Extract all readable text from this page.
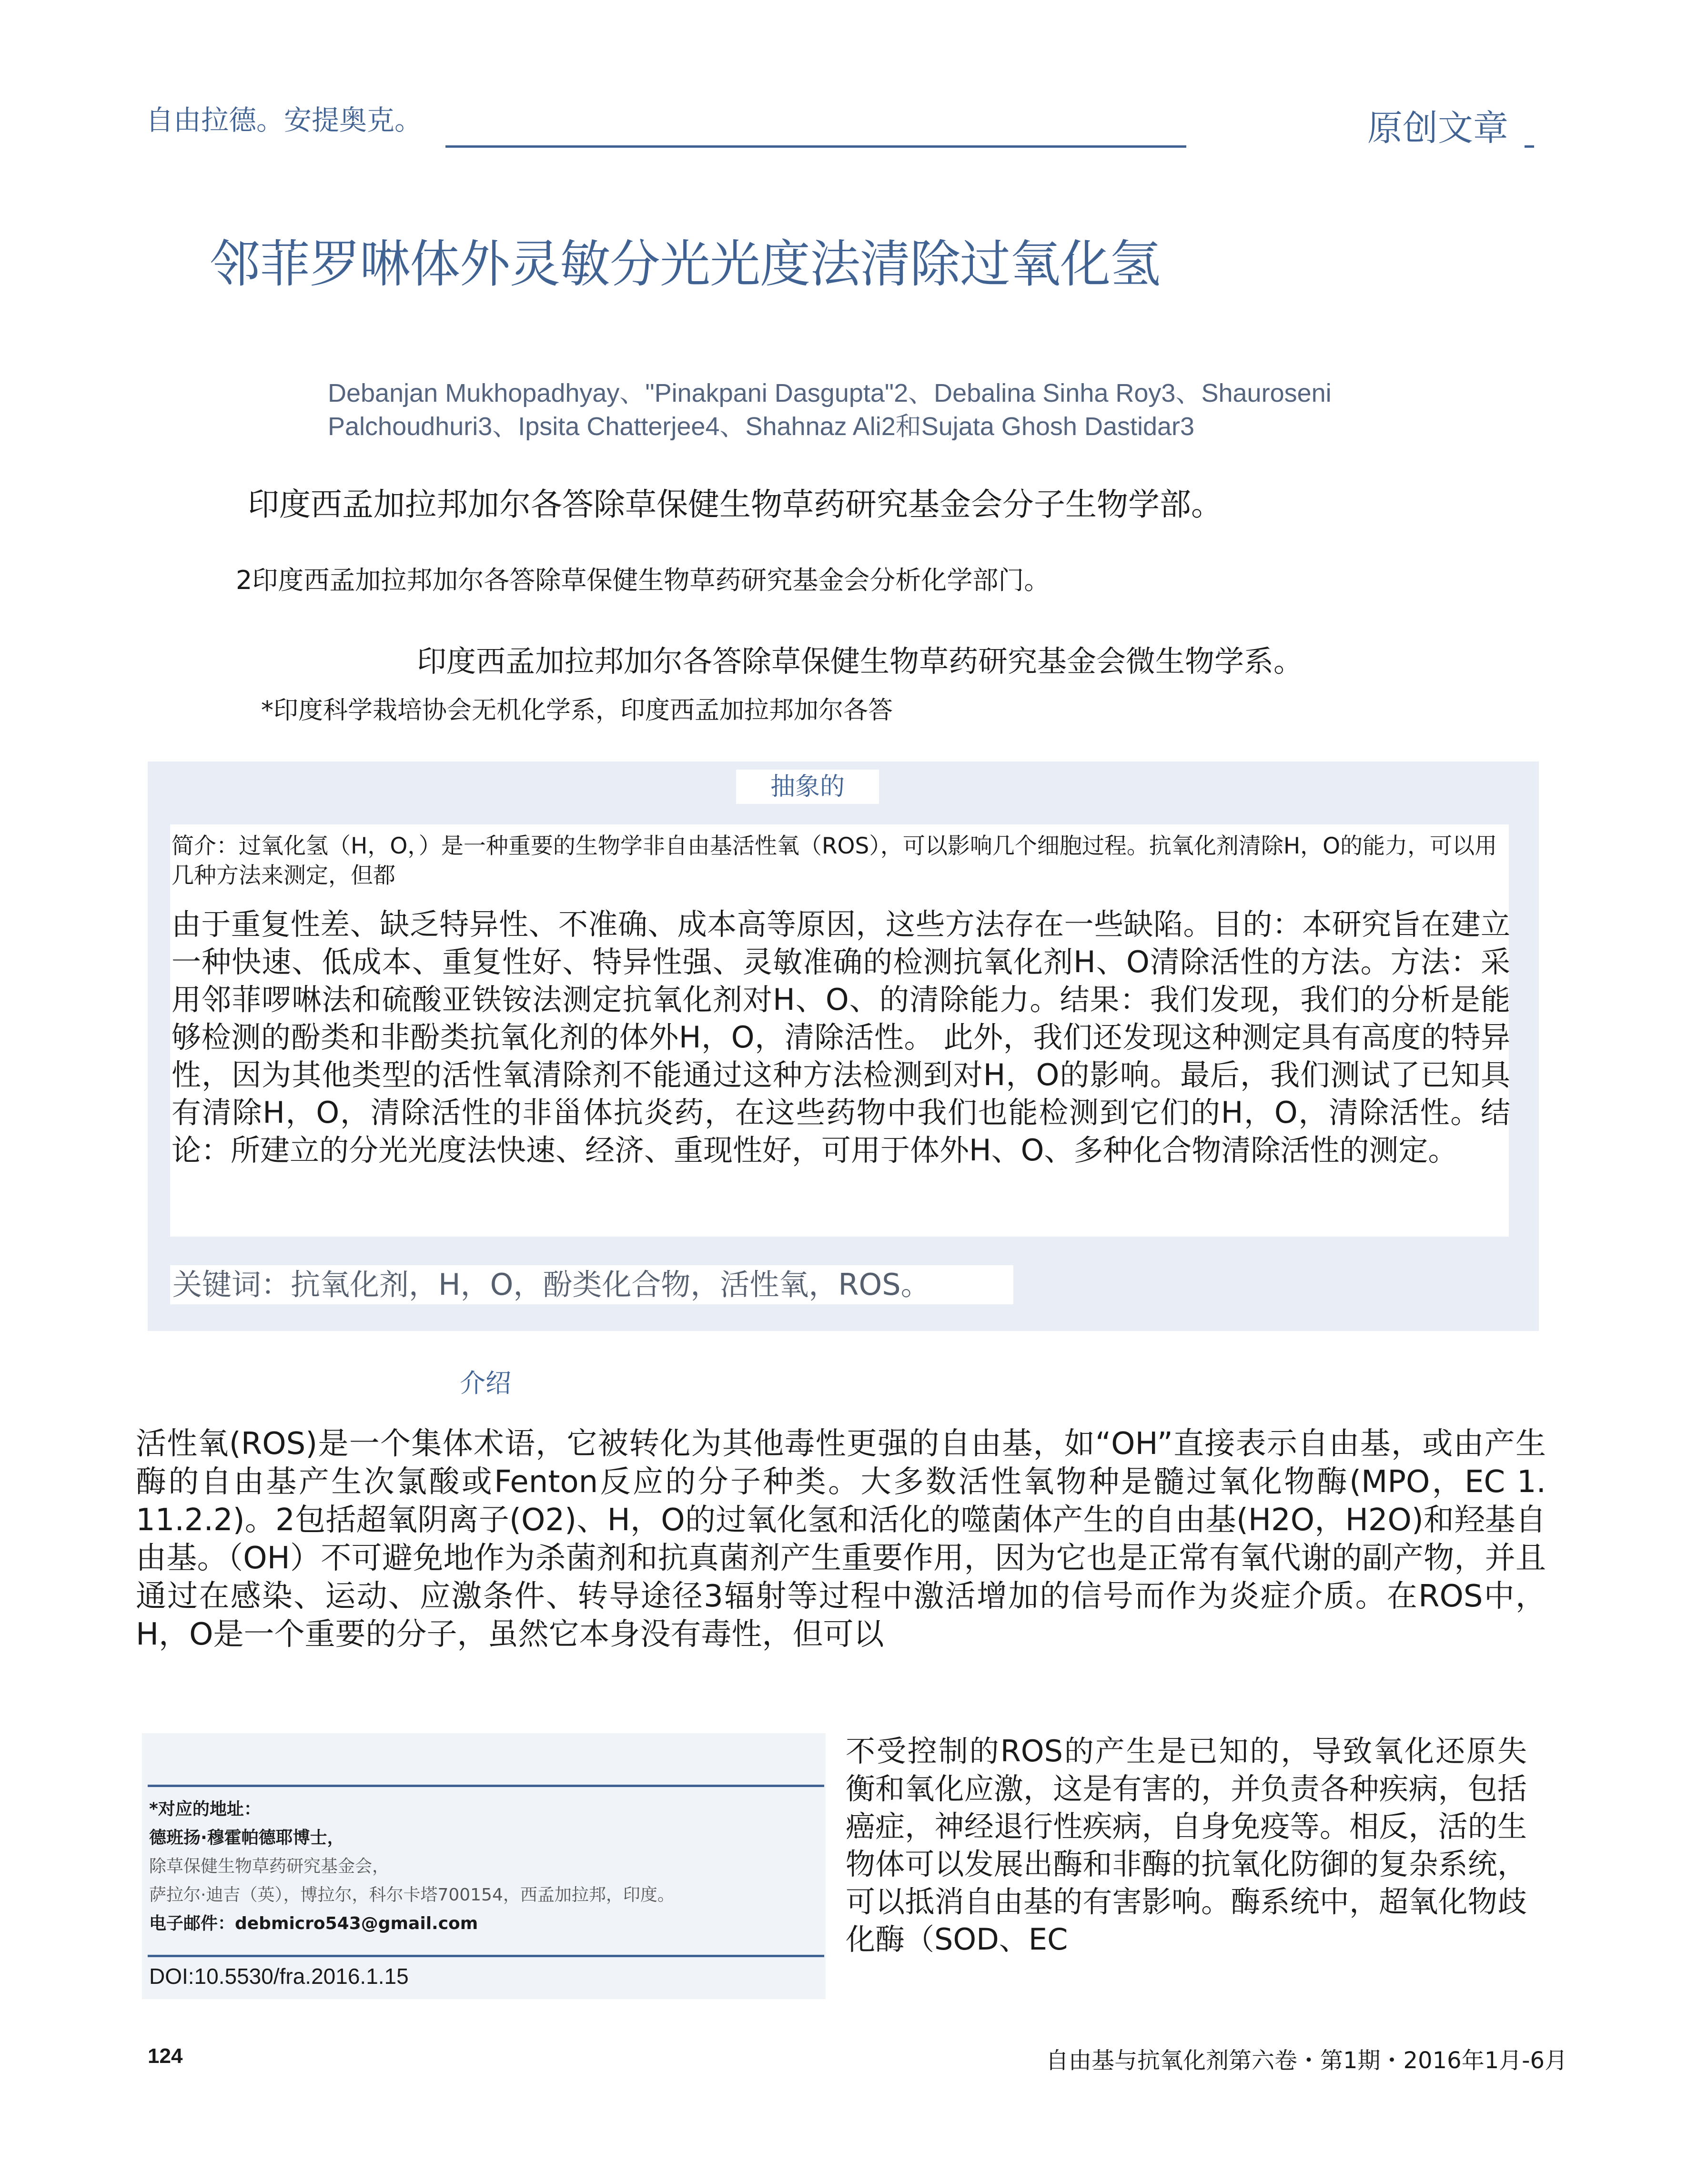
自由拉德。安提奥克。	原创文章
邻菲罗啉体外灵敏分光光度法清除过氧化氢
Debanjan Mukhopadhyay、"Pinakpani Dasgupta"2、Debalina Sinha Roy3、Shauroseni Palchoudhuri3、Ipsita Chatterjee4、Shahnaz Ali2和Sujata Ghosh Dastidar3
印度西孟加拉邦加尔各答除草保健生物草药研究基金会分子生物学部。
2印度西孟加拉邦加尔各答除草保健生物草药研究基金会分析化学部门。
印度西孟加拉邦加尔各答除草保健生物草药研究基金会微生物学系。
*印度科学栽培协会无机化学系，印度西孟加拉邦加尔各答
抽象的
简介：过氧化氢（H，O，）是一种重要的生物学非自由基活性氧（ROS），可以影响几个细胞过程。抗氧化剂清除H，O的能力，可以用几种方法来测定，但都
由于重复性差、缺乏特异性、不准确、成本高等原因，这些方法存在一些缺陷。目的：本研究旨在建立一种快速、低成本、重复性好、特异性强、灵敏准确的检测抗氧化剂H、O清除活性的方法。方法：采用邻菲啰啉法和硫酸亚铁铵法测定抗氧化剂对H、O、的清除能力。结果：我们发现，我们的分析是能够检测的酚类和非酚类抗氧化剂的体外H，O，清除活性。 此外，我们还发现这种测定具有高度的特异性，因为其他类型的活性氧清除剂不能通过这种方法检测到对H，O的影响。最后，我们测试了已知具有清除H，O，清除活性的非甾体抗炎药，在这些药物中我们也能检测到它们的H，O，清除活性。结论：所建立的分光光度法快速、经济、重现性好，可用于体外H、O、多种化合物清除活性的测定。
关键词：抗氧化剂，H，O，酚类化合物，活性氧，ROS。
介绍
活性氧(ROS)是一个集体术语，它被转化为其他毒性更强的自由基，如“OH”直接表示自由基，或由产生酶的自由基产生次氯酸或Fenton反应的分子种类。大多数活性氧物种是髓过氧化物酶(MPO，EC 1. 11.2.2)。2包括超氧阴离子(O2)、H，O的过氧化氢和活化的噬菌体产生的自由基(H2O，H2O)和羟基自由基。（OH）不可避免地作为杀菌剂和抗真菌剂产生重要作用，因为它也是正常有氧代谢的副产物，并且通过在感染、运动、应激条件、转导途径3辐射等过程中激活增加的信号而作为炎症介质。在ROS中，H，O是一个重要的分子，虽然它本身没有毒性，但可以
*对应的地址：
德班扬·穆霍帕德耶博士，
除草保健生物草药研究基金会，
萨拉尔·迪吉（英），博拉尔，科尔卡塔700154，西孟加拉邦，印度。
电子邮件：debmicro543@gmail.com
DOI:10.5530/fra.2016.1.15
不受控制的ROS的产生是已知的，导致氧化还原失衡和氧化应激，这是有害的，并负责各种疾病，包括癌症，神经退行性疾病，自身免疫等。相反，活的生物体可以发展出酶和非酶的抗氧化防御的复杂系统，可以抵消自由基的有害影响。酶系统中，超氧化物歧化酶（SOD、EC
124	自由基与抗氧化剂第六卷・第1期・2016年1月-6月
